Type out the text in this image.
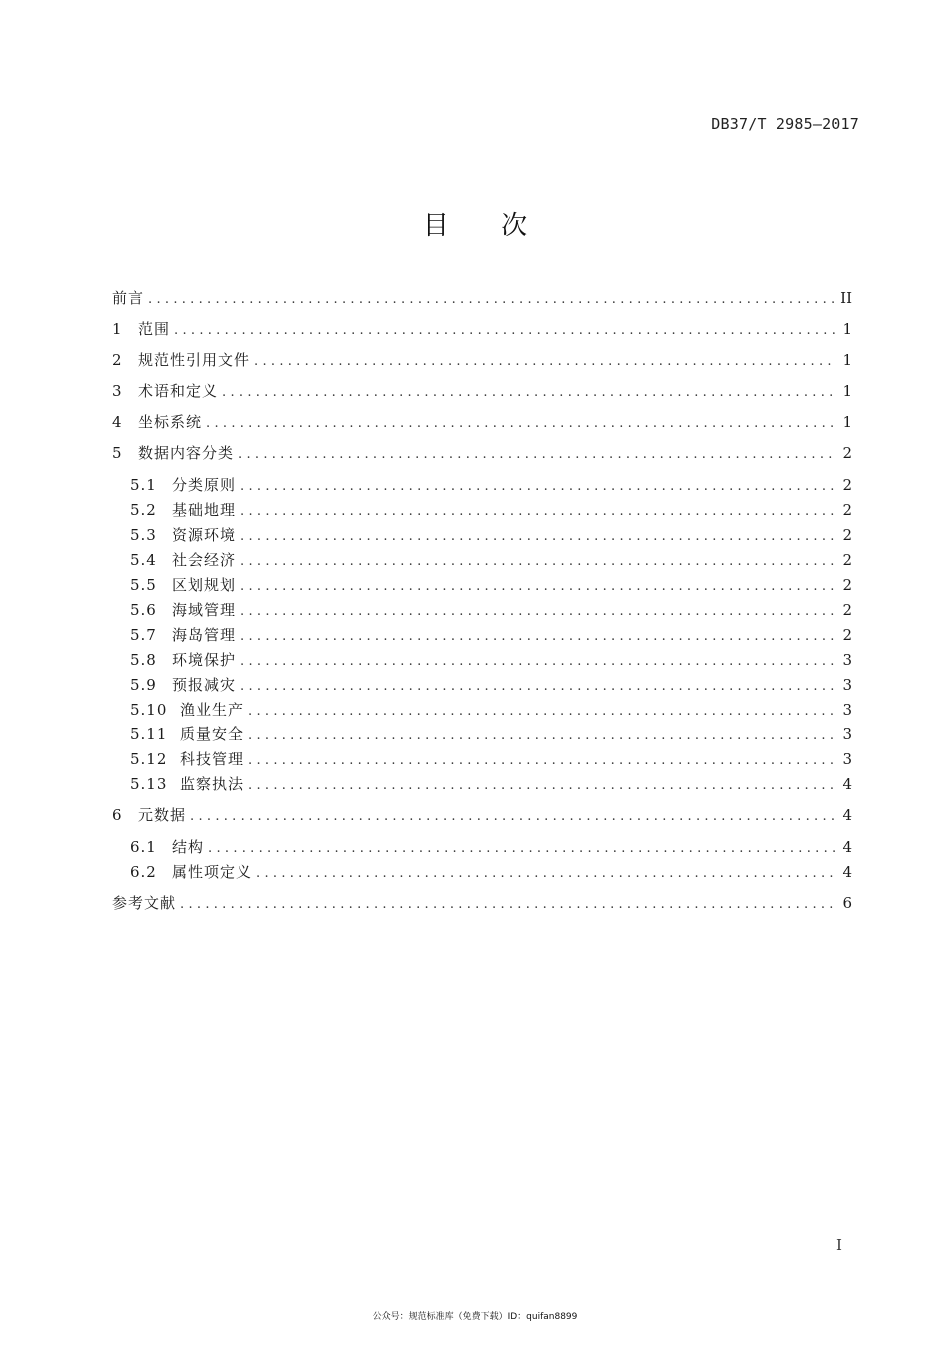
DB37/T 2985—2017
目 次
前言 .....	II
1	范围 .....	1
2	规范性引用文件 .....	1
3	术语和定义 .....	1
4	坐标系统 .....	1
5	数据内容分类 .....	2
5.1	分类原则 .....	2
5.2	基础地理 .....	2
5.3	资源环境 .....	2
5.4	社会经济 .....	2
5.5	区划规划 .....	2
5.6	海域管理 .....	2
5.7	海岛管理 .....	2
5.8	环境保护 .....	3
5.9	预报减灾 .....	3
5.10 渔业生产 .....	3
5.11 质量安全 .....	3
5.12 科技管理 .....	3
5.13 监察执法 .....	4
6	元数据 .....	4
6.1	结构 .....	4
6.2	属性项定义 .....	4
参考文献 .....	6
I
公众号：规范标准库（免费下载）ID：quifan8899
